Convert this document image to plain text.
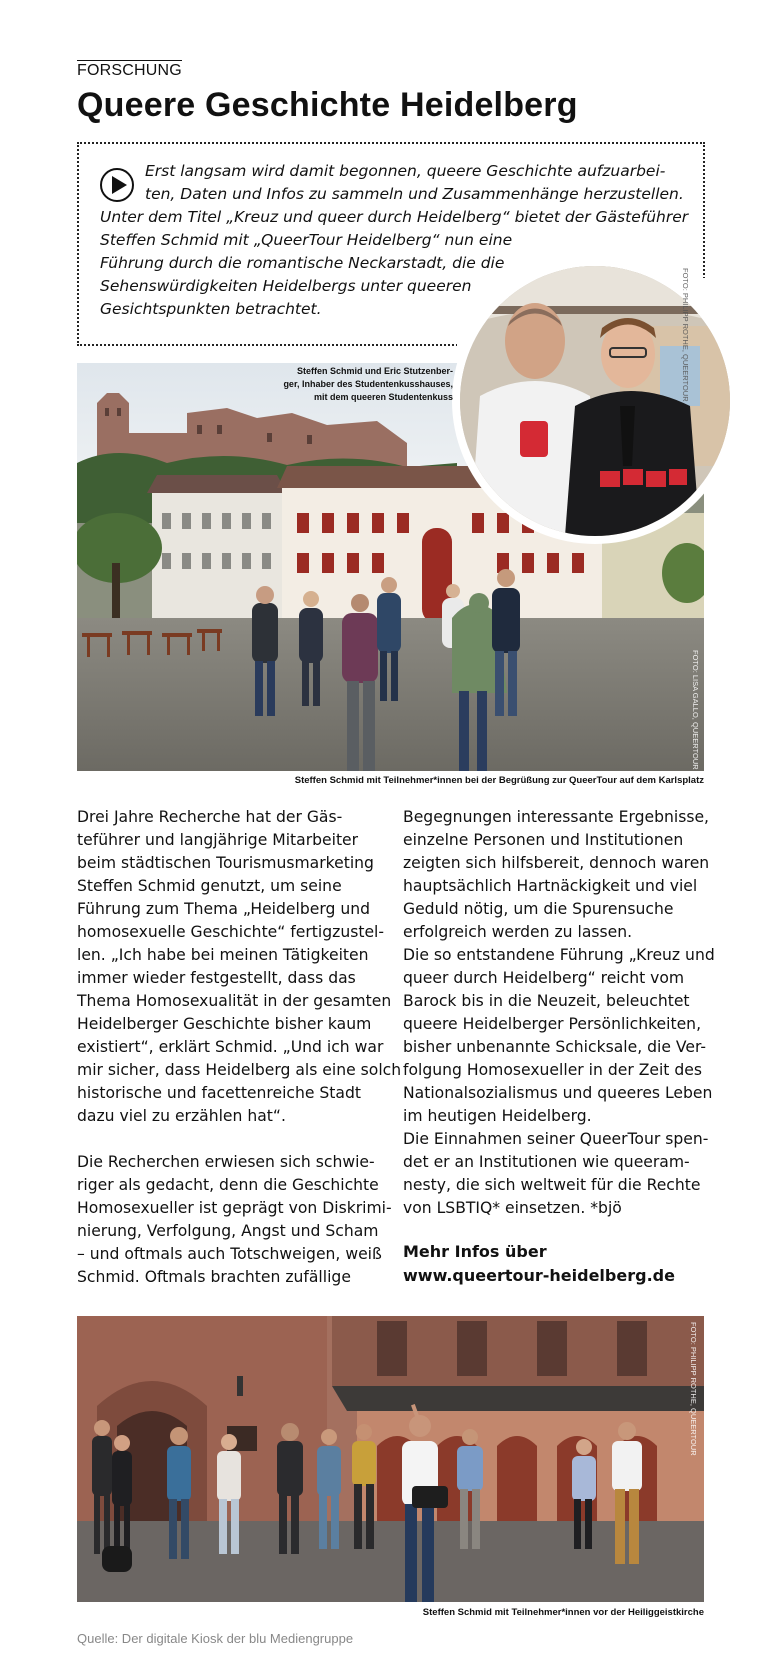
FORSCHUNG
Queere Geschichte Heidelberg
Erst langsam wird damit begonnen, queere Geschichte aufzuarbei-
ten, Daten und Infos zu sammeln und Zusammenhänge herzustellen.
Unter dem Titel „Kreuz und queer durch Heidelberg“ bietet der Gästeführer
Steffen Schmid mit „QueerTour Heidelberg“ nun eine
Führung durch die romantische Neckarstadt, die die
Sehenswürdigkeiten Heidelbergs unter queeren
Gesichtspunkten betrachtet.	FOTO: PHILIPP ROTHE, QUEERTOUR
Steffen Schmid und Eric Stutzenber-
ger, Inhaber des Studentenkusshauses,
mit dem queeren Studentenkuss
FOTO: LISA GALLO, QUEERTOUR
Steffen Schmid mit Teilnehmer*innen bei der Begrüßung zur QueerTour auf dem Karlsplatz

Drei Jahre Recherche hat der Gäs-

teführer und langjährige Mitarbeiter

beim städtischen Tourismusmarketing

Steffen Schmid genutzt, um seine

Führung zum Thema „Heidelberg und

homosexuelle Geschichte“ fertigzustel-

len. „Ich habe bei meinen Tätigkeiten

immer wieder festgestellt, dass das

Thema Homosexualität in der gesamten

Heidelberger Geschichte bisher kaum

existiert“, erklärt Schmid. „Und ich war

mir sicher, dass Heidelberg als eine solch

historische und facettenreiche Stadt

dazu viel zu erzählen hat“.

Die Recherchen erwiesen sich schwie-

riger als gedacht, denn die Geschichte

Homosexueller ist geprägt von Diskrimi-

nierung, Verfolgung, Angst und Scham

– und oftmals auch Totschweigen, weiß

Schmid. Oftmals brachten zufällige

Begegnungen interessante Ergebnisse,

einzelne Personen und Institutionen

zeigten sich hilfsbereit, dennoch waren

hauptsächlich Hartnäckigkeit und viel

Geduld nötig, um die Spurensuche

erfolgreich werden zu lassen.

Die so entstandene Führung „Kreuz und

queer durch Heidelberg“ reicht vom

Barock bis in die Neuzeit, beleuchtet

queere Heidelberger Persönlichkeiten,

bisher unbenannte Schicksale, die Ver-

folgung Homosexueller in der Zeit des

Nationalsozialismus und queeres Leben

im heutigen Heidelberg.

Die Einnahmen seiner QueerTour spen-

det er an Institutionen wie queeram-

nesty, die sich weltweit für die Rechte

von LSBTIQ* einsetzen. *bjö

Mehr Infos über
www.queertour-heidelberg.de
FOTO: PHILIPP ROTHE, QUEERTOUR
Steffen Schmid mit Teilnehmer*innen vor der Heiliggeistkirche
Quelle: Der digitale Kiosk der blu Mediengruppe
